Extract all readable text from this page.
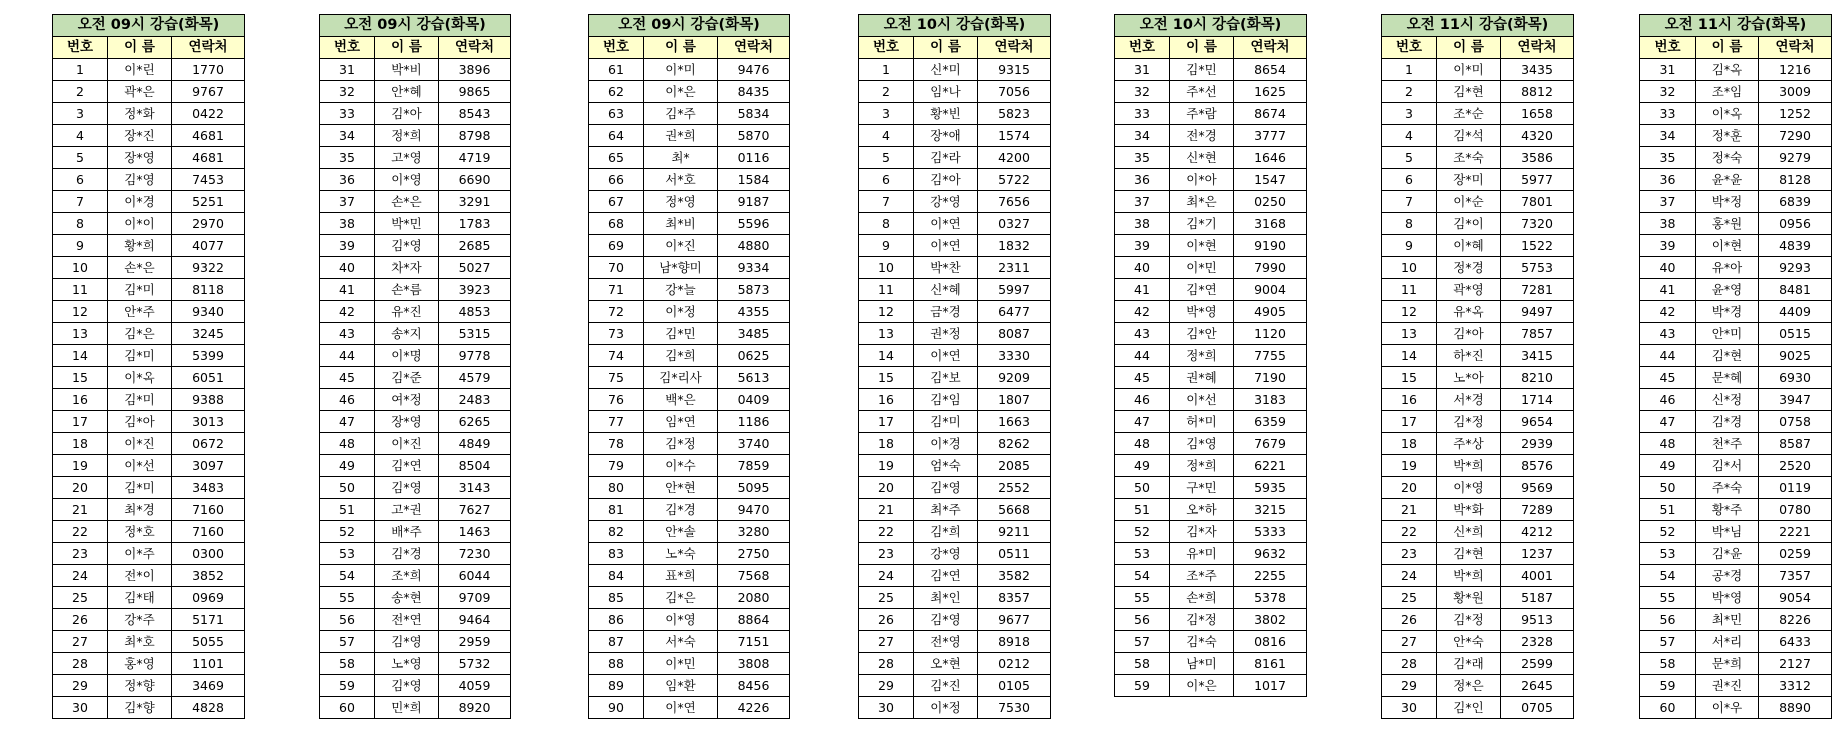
오전 09시 강습(화목)		
번호	이 름	연락처
1	이*린	1770
2	곽*은	9767
3	정*화	0422
4	장*진	4681
5	장*영	4681
6	김*영	7453
7	이*경	5251
8	이*이	2970
9	황*희	4077
10	손*은	9322
11	김*미	8118
12	안*주	9340
13	김*은	3245
14	김*미	5399
15	이*옥	6051
16	김*미	9388
17	김*아	3013
18	이*진	0672
19	이*선	3097
20	김*미	3483
21	최*경	7160
22	정*호	7160
23	이*주	0300
24	전*이	3852
25	김*태	0969
26	강*주	5171
27	최*호	5055
28	홍*영	1101
29	정*향	3469
30	김*향	4828
오전 09시 강습(화목)		
번호	이 름	연락처
31	박*비	3896
32	안*혜	9865
33	김*아	8543
34	정*희	8798
35	고*영	4719
36	이*영	6690
37	손*은	3291
38	박*민	1783
39	김*영	2685
40	차*자	5027
41	손*름	3923
42	유*진	4853
43	송*지	5315
44	이*명	9778
45	김*준	4579
46	여*정	2483
47	장*영	6265
48	이*진	4849
49	김*연	8504
50	김*영	3143
51	고*권	7627
52	배*주	1463
53	김*경	7230
54	조*희	6044
55	송*현	9709
56	전*연	9464
57	김*영	2959
58	노*영	5732
59	김*영	4059
60	민*희	8920
오전 09시 강습(화목)		
번호	이 름	연락처
61	이*미	9476
62	이*은	8435
63	김*주	5834
64	권*희	5870
65	최*	0116
66	서*호	1584
67	정*영	9187
68	최*비	5596
69	이*진	4880
70	남*향미	9334
71	강*늘	5873
72	이*정	4355
73	김*민	3485
74	김*희	0625
75	김*리사	5613
76	백*은	0409
77	임*연	1186
78	김*정	3740
79	이*수	7859
80	안*현	5095
81	김*경	9470
82	안*솔	3280
83	노*숙	2750
84	표*희	7568
85	김*은	2080
86	이*영	8864
87	서*숙	7151
88	이*민	3808
89	임*환	8456
90	이*연	4226
오전 10시 강습(화목)		
번호	이 름	연락처
1	신*미	9315
2	임*나	7056
3	황*빈	5823
4	장*애	1574
5	김*라	4200
6	김*아	5722
7	강*영	7656
8	이*연	0327
9	이*연	1832
10	박*찬	2311
11	신*혜	5997
12	금*경	6477
13	권*정	8087
14	이*연	3330
15	김*보	9209
16	김*임	1807
17	김*미	1663
18	이*경	8262
19	엄*숙	2085
20	김*영	2552
21	최*주	5668
22	김*희	9211
23	강*영	0511
24	김*연	3582
25	최*인	8357
26	김*영	9677
27	전*영	8918
28	오*현	0212
29	김*진	0105
30	이*정	7530
오전 10시 강습(화목)		
번호	이 름	연락처
31	김*민	8654
32	주*선	1625
33	주*람	8674
34	전*경	3777
35	신*현	1646
36	이*아	1547
37	최*은	0250
38	김*기	3168
39	이*현	9190
40	이*민	7990
41	김*연	9004
42	박*영	4905
43	김*안	1120
44	정*희	7755
45	권*혜	7190
46	이*선	3183
47	허*미	6359
48	김*영	7679
49	정*희	6221
50	구*민	5935
51	오*하	3215
52	김*자	5333
53	유*미	9632
54	조*주	2255
55	손*희	5378
56	김*정	3802
57	김*숙	0816
58	남*미	8161
59	이*은	1017
오전 11시 강습(화목)		
번호	이 름	연락처
1	이*미	3435
2	김*현	8812
3	조*순	1658
4	김*석	4320
5	조*숙	3586
6	장*미	5977
7	이*순	7801
8	김*이	7320
9	이*혜	1522
10	정*경	5753
11	곽*영	7281
12	유*옥	9497
13	김*아	7857
14	하*진	3415
15	노*아	8210
16	서*경	1714
17	김*정	9654
18	주*상	2939
19	박*희	8576
20	이*영	9569
21	박*화	7289
22	신*희	4212
23	김*현	1237
24	박*희	4001
25	황*원	5187
26	김*정	9513
27	안*숙	2328
28	김*래	2599
29	정*은	2645
30	김*인	0705
오전 11시 강습(화목)		
번호	이 름	연락처
31	김*옥	1216
32	조*임	3009
33	이*옥	1252
34	정*훈	7290
35	정*숙	9279
36	윤*윤	8128
37	박*정	6839
38	홍*원	0956
39	이*현	4839
40	유*아	9293
41	윤*영	8481
42	박*경	4409
43	안*미	0515
44	김*현	9025
45	문*혜	6930
46	신*정	3947
47	김*경	0758
48	천*주	8587
49	김*서	2520
50	주*숙	0119
51	황*주	0780
52	박*님	2221
53	김*윤	0259
54	공*경	7357
55	박*영	9054
56	최*민	8226
57	서*리	6433
58	문*희	2127
59	권*진	3312
60	이*우	8890
